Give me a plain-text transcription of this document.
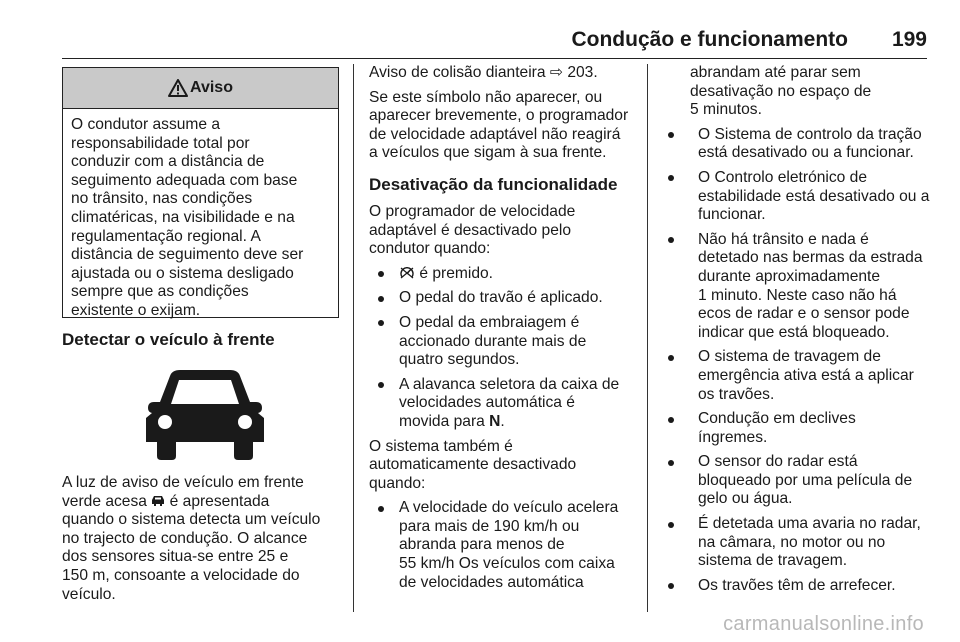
Condução e funcionamento 199
Aviso
O condutor assume a
responsabilidade total por
conduzir com a distância de
seguimento adequada com base
no trânsito, nas condições
climatéricas, na visibilidade e na
regulamentação regional. A
distância de seguimento deve ser
ajustada ou o sistema desligado
sempre que as condições
existente o exijam.
Detectar o veículo à frente

A luz de aviso de veículo em frente

verde acesa é apresentada

quando o sistema detecta um veículo

no trajecto de condução. O alcance

dos sensores situa-se entre 25 e

150 m, consoante a velocidade do

veículo.

Aviso de colisão dianteira ⇨ 203.

Se este símbolo não aparecer, ou

aparecer brevemente, o programador

de velocidade adaptável não reagirá

a veículos que sigam à sua frente.

Desativação da funcionalidade

O programador de velocidade

adaptável é desactivado pelo

condutor quando:

é premido.
O pedal do travão é aplicado.
O pedal da embraiagem é
accionado durante mais de
quatro segundos.
A alavanca seletora da caixa de
velocidades automática é
movida para N.

O sistema também é

automaticamente desactivado

quando:

A velocidade do veículo acelera
para mais de 190 km/h ou
abranda para menos de
55 km/h Os veículos com caixa
de velocidades automática
abrandam até parar sem
desativação no espaço de
5 minutos.
O Sistema de controlo da tração
está desativado ou a funcionar.
O Controlo eletrónico de
estabilidade está desativado ou a
funcionar.
Não há trânsito e nada é
detetado nas bermas da estrada
durante aproximadamente
1 minuto. Neste caso não há
ecos de radar e o sensor pode
indicar que está bloqueado.
O sistema de travagem de
emergência ativa está a aplicar
os travões.
Condução em declives
íngremes.
O sensor do radar está
bloqueado por uma película de
gelo ou água.
É detetada uma avaria no radar,
na câmara, no motor ou no
sistema de travagem.
Os travões têm de arrefecer.
carmanualsonline.info
